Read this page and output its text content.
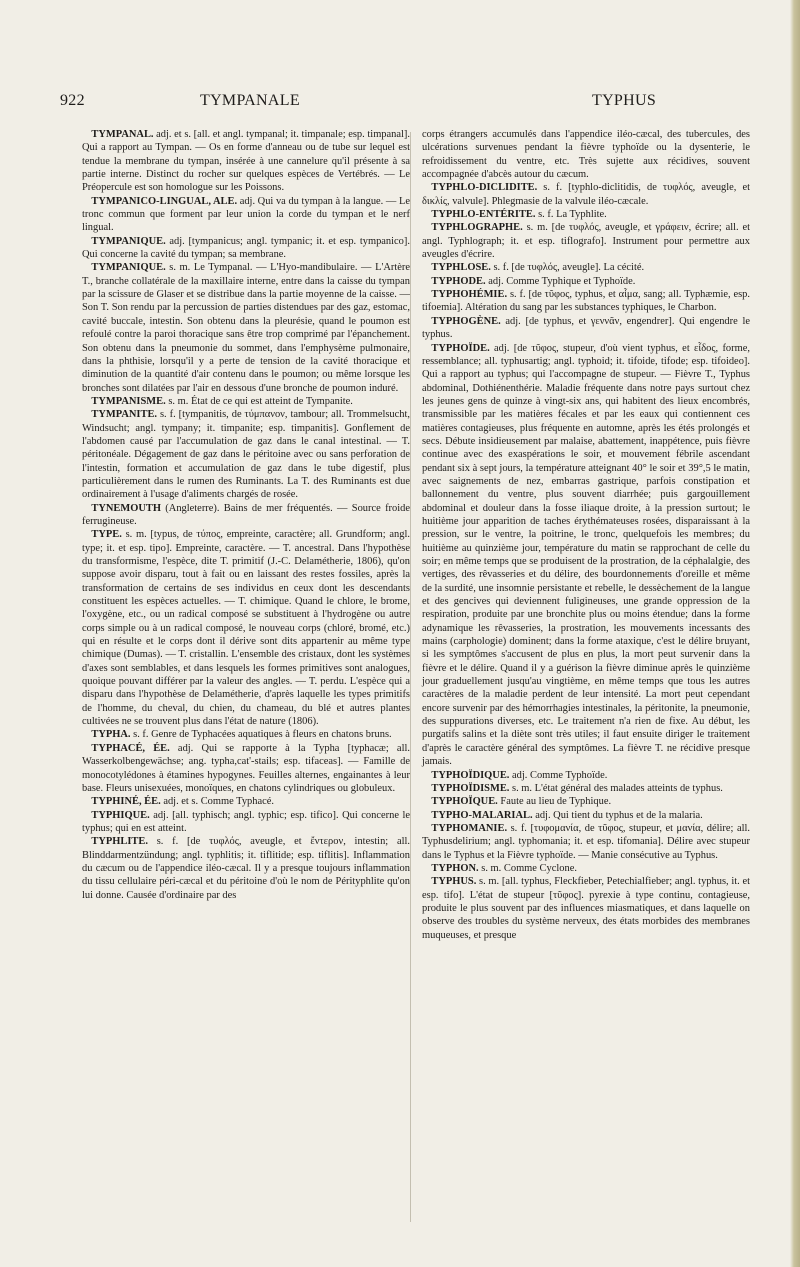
922	TYMPANALE	TYPHUS

TYMPANAL. adj. et s. [all. et angl. tympanal; it. timpanale; esp. timpanal]. Qui a rapport au Tympan. — Os en forme d'anneau ou de tube sur lequel est tendue la membrane du tympan, insérée à une cannelure qu'il présente à sa partie interne. Distinct du rocher sur quelques espèces de Vertébrés. — Le Préopercule est son homologue sur les Poissons.

TYMPANICO-LINGUAL, ALE. adj. Qui va du tympan à la langue. — Le tronc commun que forment par leur union la corde du tympan et le nerf lingual.

TYMPANIQUE. adj. [tympanicus; angl. tympanic; it. et esp. tympanico]. Qui concerne la cavité du tympan; sa membrane.

TYMPANIQUE. s. m. Le Tympanal. — L'Hyo-mandibulaire. — L'Artère T., branche collatérale de la maxillaire interne, entre dans la caisse du tympan par la scissure de Glaser et se distribue dans la partie moyenne de la caisse. — Son T. Son rendu par la percussion de parties distendues par des gaz, estomac, cavité buccale, intestin. Son obtenu dans la pleurésie, quand le poumon est refoulé contre la paroi thoracique sans être trop comprimé par l'épanchement. Son obtenu dans la pneumonie du sommet, dans l'emphysème pulmonaire, dans la phthisie, lorsqu'il y a perte de tension de la cavité thoracique et diminution de la quantité d'air contenu dans le poumon; ou même lorsque les bronches sont dilatées par l'air en dessous d'une bronche de poumon induré.

TYMPANISME. s. m. État de ce qui est atteint de Tympanite.

TYMPANITE. s. f. [tympanitis, de τύμπανον, tambour; all. Trommelsucht, Windsucht; angl. tympany; it. timpanite; esp. timpanitis]. Gonflement de l'abdomen causé par l'accumulation de gaz dans le canal intestinal. — T. péritonéale. Dégagement de gaz dans le péritoine avec ou sans perforation de l'intestin, formation et accumulation de gaz dans le tube digestif, plus particulièrement dans le rumen des Ruminants. La T. des Ruminants est due ordinairement à l'usage d'aliments chargés de rosée.

TYNEMOUTH (Angleterre). Bains de mer fréquentés. — Source froide ferrugineuse.

TYPE. s. m. [typus, de τύπος, empreinte, caractère; all. Grundform; angl. type; it. et esp. tipo]. Empreinte, caractère. — T. ancestral. Dans l'hypothèse du transformisme, l'espèce, dite T. primitif (J.-C. Delamétherie, 1806), qu'on suppose avoir disparu, tout à fait ou en laissant des restes fossiles, après la transformation de certains de ses individus en ceux dont les descendants constituent les espèces actuelles. — T. chimique. Quand le chlore, le brome, l'oxygène, etc., ou un radical composé se substituent à l'hydrogène ou autre corps simple ou à un radical composé, le nouveau corps (chloré, bromé, etc.) qui en résulte et le corps dont il dérive sont dits appartenir au même type chimique (Dumas). — T. cristallin. L'ensemble des cristaux, dont les systèmes d'axes sont semblables, et dans lesquels les formes primitives sont analogues, quoique pouvant différer par la valeur des angles. — T. perdu. L'espèce qui a disparu dans l'hypothèse de Delamétherie, d'après laquelle les types primitifs de l'homme, du cheval, du chien, du chameau, du blé et autres plantes cultivées ne se trouvent plus dans l'état de nature (1806).

TYPHA. s. f. Genre de Typhacées aquatiques à fleurs en chatons bruns.

TYPHACÉ, ÉE. adj. Qui se rapporte à la Typha [typhacæ; all. Wasserkolbengewächse; ang. typha,cat'-stails; esp. tifaceas]. — Famille de monocotylédones à étamines hypogynes. Feuilles alternes, engainantes à leur base. Fleurs unisexuées, monoïques, en chatons cylindriques ou globuleux.

TYPHINÉ, ÉE. adj. et s. Comme Typhacé.

TYPHIQUE. adj. [all. typhisch; angl. typhic; esp. tifico]. Qui concerne le typhus; qui en est atteint.

TYPHLITE. s. f. [de τυφλός, aveugle, et ἔντερον, intestin; all. Blinddarmentzündung; angl. typhlitis; it. tiflitide; esp. tiflitis]. Inflammation du cæcum ou de l'appendice iléo-cæcal. Il y a presque toujours inflammation du tissu cellulaire péri-cæcal et du péritoine d'où le nom de Pérityphlite qu'on lui donne. Causée d'ordinaire par des

corps étrangers accumulés dans l'appendice iléo-cæcal, des tubercules, des ulcérations survenues pendant la fièvre typhoïde ou la dysenterie, le refroidissement du ventre, etc. Très sujette aux récidives, souvent accompagnée d'abcès autour du cæcum.

TYPHLO-DICLIDITE. s. f. [typhlo-diclitidis, de τυφλός, aveugle, et δικλίς, valvule]. Phlegmasie de la valvule iléo-cæcale.

TYPHLO-ENTÉRITE. s. f. La Typhlite.

TYPHLOGRAPHE. s. m. [de τυφλός, aveugle, et γράφειν, écrire; all. et angl. Typhlograph; it. et esp. tiflografo]. Instrument pour permettre aux aveugles d'écrire.

TYPHLOSE. s. f. [de τυφλός, aveugle]. La cécité.

TYPHODE. adj. Comme Typhique et Typhoïde.

TYPHOHÉMIE. s. f. [de τῦφος, typhus, et αἷμα, sang; all. Typhæmie, esp. tifoemia]. Altération du sang par les substances typhiques, le Charbon.

TYPHOGÈNE. adj. [de typhus, et γεννᾶν, engendrer]. Qui engendre le typhus.

TYPHOÏDE. adj. [de τῦφος, stupeur, d'où vient typhus, et εἶδος, forme, ressemblance; all. typhusartig; angl. typhoid; it. tifoide, tifode; esp. tifoideo]. Qui a rapport au typhus; qui l'accompagne de stupeur. — Fièvre T., Typhus abdominal, Dothiénenthérie. Maladie fréquente dans notre pays surtout chez les jeunes gens de quinze à vingt-six ans, qui habitent des lieux encombrés, transmissible par les matières fécales et par les eaux qui contiennent ces matières contagieuses, plus fréquente en automne, après les étés prolongés et secs. Débute insidieusement par malaise, abattement, inappétence, puis fièvre continue avec des exaspérations le soir, et mouvement fébrile ascendant pendant six à sept jours, la température atteignant 40° le soir et 39°,5 le matin, avec saignements de nez, embarras gastrique, parfois constipation et ballonnement du ventre, plus souvent diarrhée; puis gargouillement abdominal et douleur dans la fosse iliaque droite, à la pression surtout; le huitième jour apparition de taches érythémateuses rosées, disparaissant à la pression, sur le ventre, la poitrine, le tronc, quelquefois les membres; du huitième au quinzième jour, température du matin se rapprochant de celle du soir; en même temps que se produisent de la prostration, de la céphalalgie, des vertiges, des rêvasseries et du délire, des bourdonnements d'oreille et même de la surdité, une insomnie persistante et rebelle, le dessèchement de la langue et des gencives qui deviennent fuligineuses, une grande oppression de la respiration, produite par une bronchite plus ou moins étendue; dans la forme adynamique les rêvasseries, la prostration, les mouvements incessants des mains (carphologie) dominent; dans la forme ataxique, c'est le délire bruyant, si les symptômes s'accusent de plus en plus, la mort peut survenir dans la fièvre et le délire. Quand il y a guérison la fièvre diminue après le quinzième jour graduellement jusqu'au vingtième, en même temps que tous les autres caractères de la maladie perdent de leur intensité. La mort peut cependant encore survenir par des hémorrhagies intestinales, la péritonite, la pneumonie, des suppurations diverses, etc. Le traitement n'a rien de fixe. Au début, les purgatifs salins et la diète sont très utiles; il faut ensuite diriger le traitement d'après le caractère général des symptômes. La fièvre T. ne récidive presque jamais.

TYPHOÏDIQUE. adj. Comme Typhoïde.

TYPHOÏDISME. s. m. L'état général des malades atteints de typhus.

TYPHOÏQUE. Faute au lieu de Typhique.

TYPHO-MALARIAL. adj. Qui tient du typhus et de la malaria.

TYPHOMANIE. s. f. [τυφομανία, de τῦφος, stupeur, et μανία, délire; all. Typhusdelirium; angl. typhomania; it. et esp. tifomania]. Délire avec stupeur dans le Typhus et la Fièvre typhoïde. — Manie consécutive au Typhus.

TYPHON. s. m. Comme Cyclone.

TYPHUS. s. m. [all. typhus, Fleckfieber, Petechialfieber; angl. typhus, it. et esp. tifo]. L'état de stupeur [τῦφος]. pyrexie à type continu, contagieuse, produite le plus souvent par des influences miasmatiques, et dans laquelle on observe des troubles du système nerveux, des états morbides des membranes muqueuses, et presque
